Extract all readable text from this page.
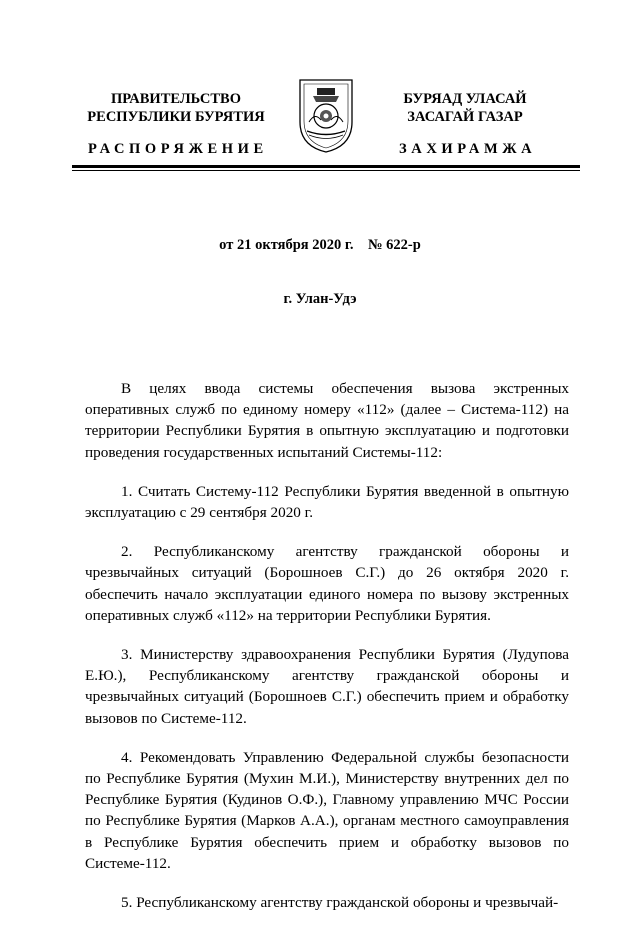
ПРАВИТЕЛЬСТВО
РЕСПУБЛИКИ БУРЯТИЯ
БУРЯАД УЛАСАЙ
ЗАСАГАЙ ГАЗАР
РАСПОРЯЖЕНИЕ	ЗАХИРАМЖА
от 21 октября 2020 г.    № 622-р
г. Улан-Удэ

В целях ввода системы обеспечения вызова экстренных оперативных служб по единому номеру «112» (далее – Система-112) на территории Республики Бурятия в опытную эксплуатацию и подготовки проведения государственных испытаний Системы-112:

1. Считать Систему-112 Республики Бурятия введенной в опытную эксплуатацию с 29 сентября 2020 г.

2. Республиканскому агентству гражданской обороны и чрезвычайных ситуаций (Борошноев С.Г.) до 26 октября 2020 г. обеспечить начало эксплуатации единого номера по вызову экстренных оперативных служб «112» на территории Республики Бурятия.

3. Министерству здравоохранения Республики Бурятия (Лудупова Е.Ю.), Республиканскому агентству гражданской обороны и чрезвычайных ситуаций (Борошноев С.Г.) обеспечить прием и обработку вызовов по Системе-112.

4. Рекомендовать Управлению Федеральной службы безопасности по Республике Бурятия (Мухин М.И.), Министерству внутренних дел по Республике Бурятия (Кудинов О.Ф.), Главному управлению МЧС России по Республике Бурятия (Марков А.А.), органам местного самоуправления в Республике Бурятия обеспечить прием и обработку вызовов по Системе-112.

5. Республиканскому агентству гражданской обороны и чрезвычай-
